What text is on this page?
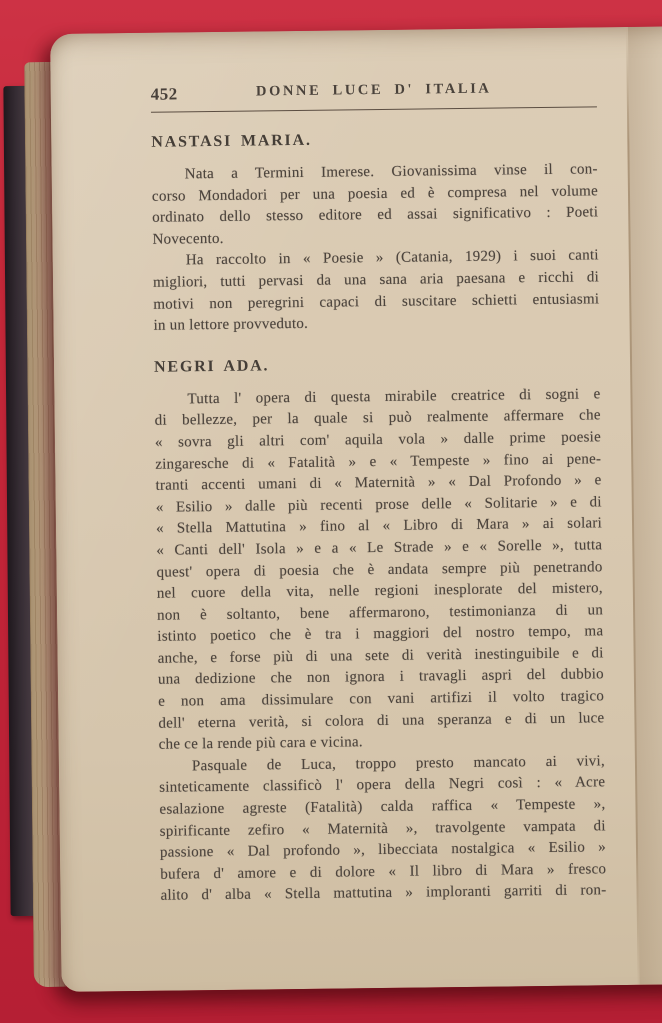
452	DONNE LUCE D' ITALIA
NASTASI MARIA.
Nata a Termini Imerese. Giovanissima vinse il con-
corso Mondadori per una poesia ed è compresa nel volume
ordinato dello stesso editore ed assai significativo : Poeti
Novecento.
Ha raccolto in « Poesie » (Catania, 1929) i suoi canti
migliori, tutti pervasi da una sana aria paesana e ricchi di
motivi non peregrini capaci di suscitare schietti entusiasmi
in un lettore provveduto.
NEGRI ADA.
Tutta l' opera di questa mirabile creatrice di sogni e
di bellezze, per la quale si può realmente affermare che
« sovra gli altri com' aquila vola » dalle prime poesie
zingaresche di « Fatalità » e « Tempeste » fino ai pene-
tranti accenti umani di « Maternità » « Dal Profondo » e
« Esilio » dalle più recenti prose delle « Solitarie » e di
« Stella Mattutina » fino al « Libro di Mara » ai solari
« Canti dell' Isola » e a « Le Strade » e « Sorelle », tutta
quest' opera di poesia che è andata sempre più penetrando
nel cuore della vita, nelle regioni inesplorate del mistero,
non è soltanto, bene affermarono, testimonianza di un
istinto poetico che è tra i maggiori del nostro tempo, ma
anche, e forse più di una sete di verità inestinguibile e di
una dedizione che non ignora i travagli aspri del dubbio
e non ama dissimulare con vani artifizi il volto tragico
dell' eterna verità, si colora di una speranza e di un luce
che ce la rende più cara e vicina.
Pasquale de Luca, troppo presto mancato ai vivi,
sinteticamente classificò l' opera della Negri così : « Acre
esalazione agreste (Fatalità) calda raffica « Tempeste »,
spirificante zefiro « Maternità », travolgente vampata di
passione « Dal profondo », libecciata nostalgica « Esilio »
bufera d' amore e di dolore « Il libro di Mara » fresco
alito d' alba « Stella mattutina » imploranti garriti di ron-
